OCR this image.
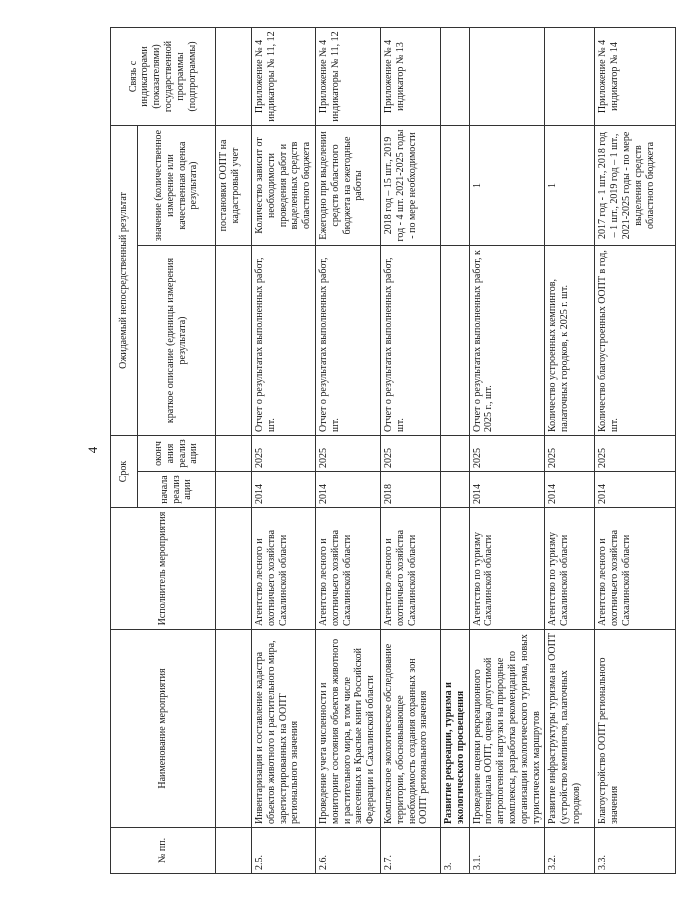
4
№ пп.	Наименование мероприятия	Исполнитель мероприятия	Срок		Ожидаемый непосредственный результат		Связь с индикаторами (показателями) государственной программы (подпрограммы)
			начала реализации	окончания реализации	краткое описание (единицы измерения результата)	значение (количественное измерение или качественная оценка результата)	
						постановки ООПТ на кадастровый учет	
2.5.	Инвентаризация и составление кадастра объектов животного и растительного мира, зарегистрированных на ООПТ регионального значения	Агентство лесного и охотничьего хозяйства Сахалинской области	2014	2025	Отчет о результатах выполненных работ, шт.	Количество зависит от необходимости проведения работ и выделенных средств областного бюджета	Приложение № 4 индикаторы № 11, 12
2.6.	Проведение учета численности и мониторинг состояния объектов животного и растительного мира, в том числе занесенных в Красные книги Российской Федерации и Сахалинской области	Агентство лесного и охотничьего хозяйства Сахалинской области	2014	2025	Отчет о результатах выполненных работ, шт.	Ежегодно при выделении средств областного бюджета на ежегодные работы	Приложение № 4 индикаторы № 11, 12
2.7.	Комплексное экологическое обследование территории, обосновывающее необходимость создания охранных зон ООПТ регионального значения	Агентство лесного и охотничьего хозяйства Сахалинской области	2018	2025	Отчет о результатах выполненных работ, шт.	2018 год – 15 шт., 2019 год - 4 шт. 2021-2025 годы - по мере необходимости	Приложение № 4 индикатор № 13
3.	Развитие рекреации, туризма и экологического просвещения						
3.1.	Проведение оценки рекреационного потенциала ООПТ, оценка допустимой антропогенной нагрузки на природные комплексы, разработка рекомендаций по организации экологического туризма, новых туристических маршрутов	Агентство по туризму Сахалинской области	2014	2025	Отчет о результатах выполненных работ, к 2025 г., шт.	1	
3.2.	Развитие инфраструктуры туризма на ООПТ (устройство кемпингов, палаточных городков)	Агентство по туризму Сахалинской области	2014	2025	Количество устроенных кемпингов, палаточных городков, к 2025 г. шт.	1	
3.3.	Благоустройство ООПТ регионального значения	Агентство лесного и охотничьего хозяйства Сахалинской области	2014	2025	Количество благоустроенных ООПТ в год, шт.	2017 год - 1 шт., 2018 год – 1 шт., 2019 год – 1 шт., 2021-2025 годы - по мере выделения средств областного бюджета	Приложение № 4 индикатор № 14
